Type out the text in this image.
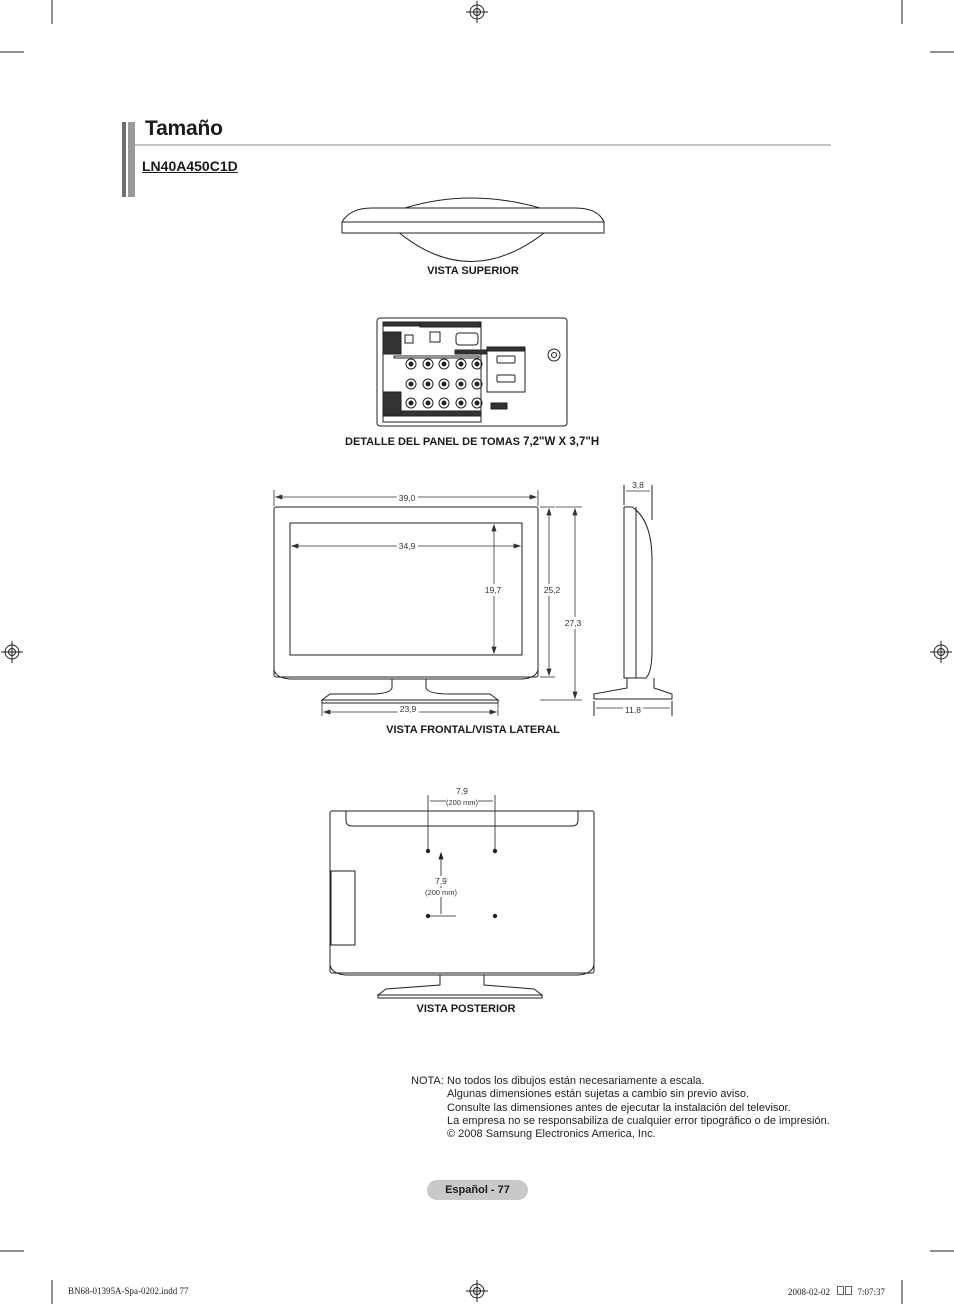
Tamaño
LN40A450C1D
VISTA SUPERIOR
DETALLE DEL PANEL DE TOMAS 7,2"W X 3,7"H
39,0
34,9
19,7	25,2
27,3
23,9
3,8
11,8
VISTA FRONTAL/VISTA LATERAL
7,9
(200 mm)
7,9
(200 mm)
VISTA POSTERIOR
NOTA: No todos los dibujos están necesariamente a escala.
Algunas dimensiones están sujetas a cambio sin previo aviso.
Consulte las dimensiones antes de ejecutar la instalación del televisor.
La empresa no se responsabiliza de cualquier error tipográfico o de impresión.
© 2008 Samsung Electronics America, Inc.
Español - 77
BN68-01395A-Spa-0202.indd 77	2008-02-02	7:07:37
